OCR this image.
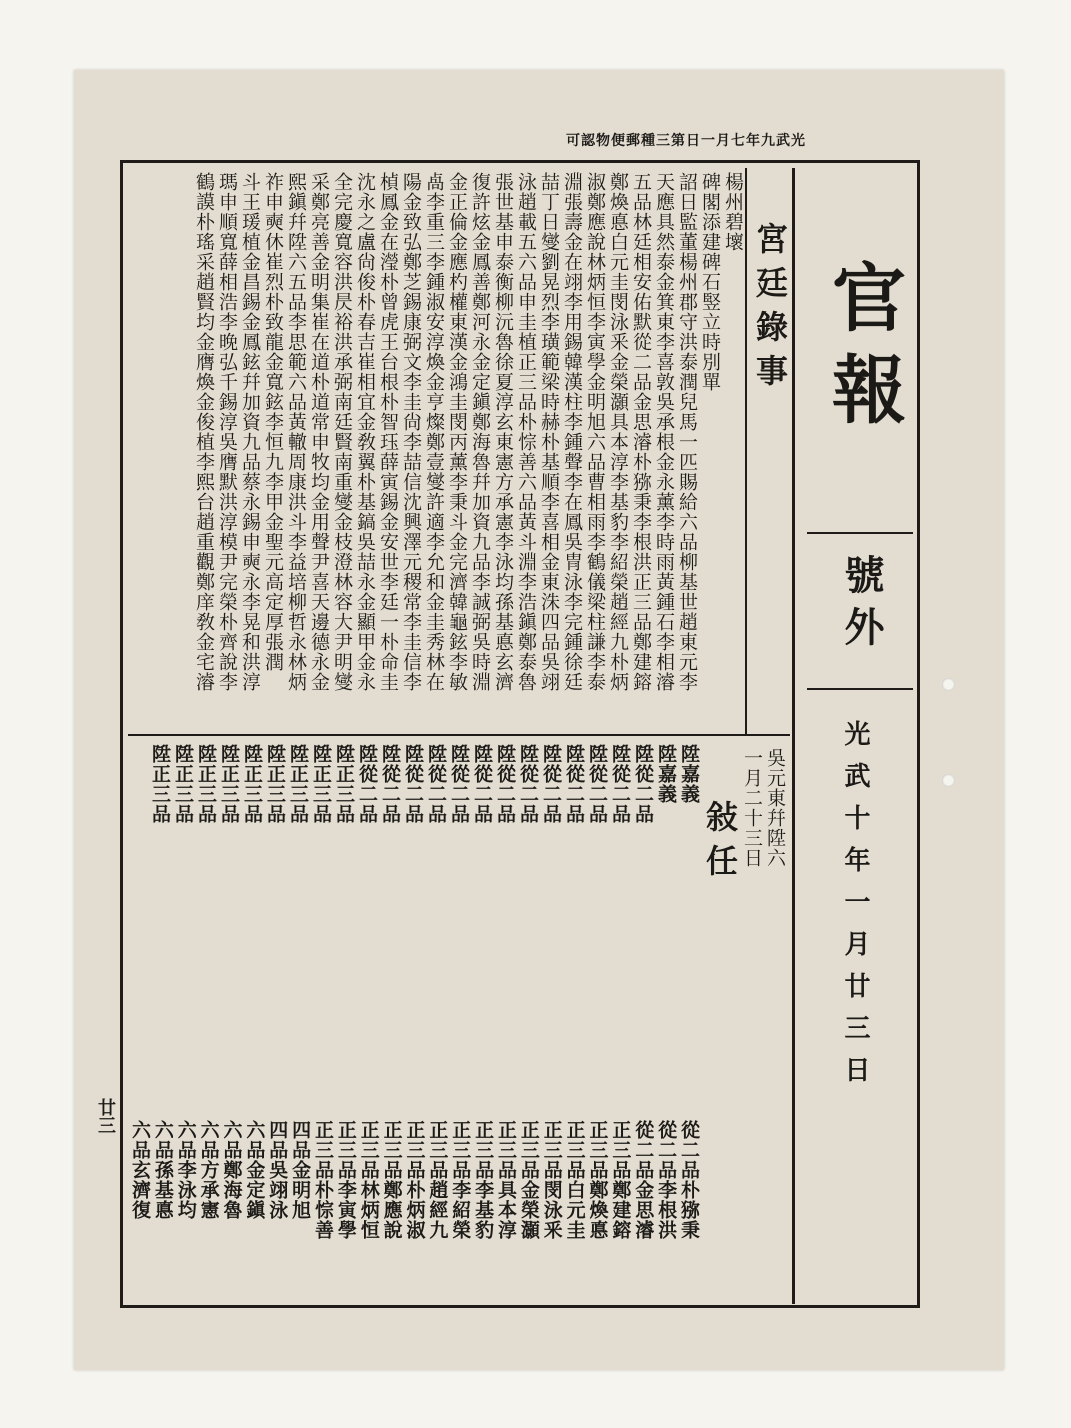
光武九年七月一日第三種郵便物認可
官報
號外
光武十年一月廿三日
宮廷錄事
楊州碧壞
碑閣添建碑石竪立時別單
詔日監董楊州郡守洪泰潤兒馬一匹賜給六品柳基世趙東元李
天應具然泰金箕東李喜敦吳承根金永薰李時雨黃鍾石李相濬
五品林廷相安佑默從二品金思濬朴猕秉李根洪正三品鄭建鎔
鄭煥悳白元圭閔泳釆金榮灝具本淳李基豹李紹榮趙經九朴炳
淑鄭應說林炳恒李寅學金明旭六品曹相雨李鶴儀梁柱謙李泰
淵張壽金在翊李用錫韓漢柱李鍾聲李在鳳吳冑泳李完鍾徐廷
喆丁日燮劉晃烈李璜範梁時赫朴基順李喜相金東洙四品吳翊
泳趙載五六品申圭植正三品朴悰善六品黃斗淵李浩鎭鄭泰魯
張世基申泰衡柳沅魯徐夏淳玄東憲方承憲李泳均孫基悳玄濟
復許炫金鳳善鄭河永金定鎭鄭海魯幷加資九品李誠弼吳時淵
金正倫金應杓權東漢金鴻圭閔丙薰李秉斗金完濟韓龜鉉李敏
卨李重三李鍾淑安淳煥金亨燦鄭壹燮許適李允和金圭秀林在
陽金致弘鄭芝錫康弼文李圭尙李喆信沈興澤元稷常李圭信李
楨鳳金在瀅朴曾虎王台根朴智珏薛寅錫金安世李廷一朴命圭
沈永之盧尙俊朴春吉崔相宜金敎翼朴基鎬吳喆永金顯甲金永
全完慶寬容洪昃裕洪承弼南廷賢南重燮金枝澄林容大尹明燮
采鄭亮善金明集崔在道朴道常申牧均金用聲尹喜天邊德永金
熙鎭幷陞六五品李思範六品黃轍周康洪斗李益培柳哲永林炳
祚申奭休崔烈朴致龍金寬鉉李恒九李甲金聖元高定厚張潤
斗王瑗植金昌錫金鳳鉉幷加資九品蔡永錫申奭永李晃和洪淳
瑪申順寬薛相浩李晚弘千錫淳吳膺默洪淳模尹完榮朴齊說李
鶴謨朴瑤采趙賢均金膺煥金俊植李熙台趙重觀鄭庠敎金宅濬
敍任 吳元東幷陞六
一月二十三日
陞嘉義
陞嘉義
陞從二品
陞從二品
陞從二品
陞從二品
陞從二品
陞從二品
陞從二品
陞從二品
陞從二品
陞從二品
陞從二品
陞從二品
陞從二品
陞正三品
陞正三品
陞正三品
陞正三品
陞正三品
陞正三品
陞正三品
陞正三品
陞正三品
從二品朴猕秉
從二品李根洪
從二品金思濬
正三品鄭建鎔
正三品鄭煥悳
正三品白元圭
正三品閔泳釆
正三品金榮灝
正三品具本淳
正三品李基豹
正三品李紹榮
正三品趙經九
正三品朴炳淑
正三品鄭應說
正三品林炳恒
正三品李寅學
正三品朴悰善
四品金明旭
四品吳翊泳
六品金定鎭
六品鄭海魯
六品方承憲
六品李泳均
六品孫基悳
六品玄濟復
廿三
